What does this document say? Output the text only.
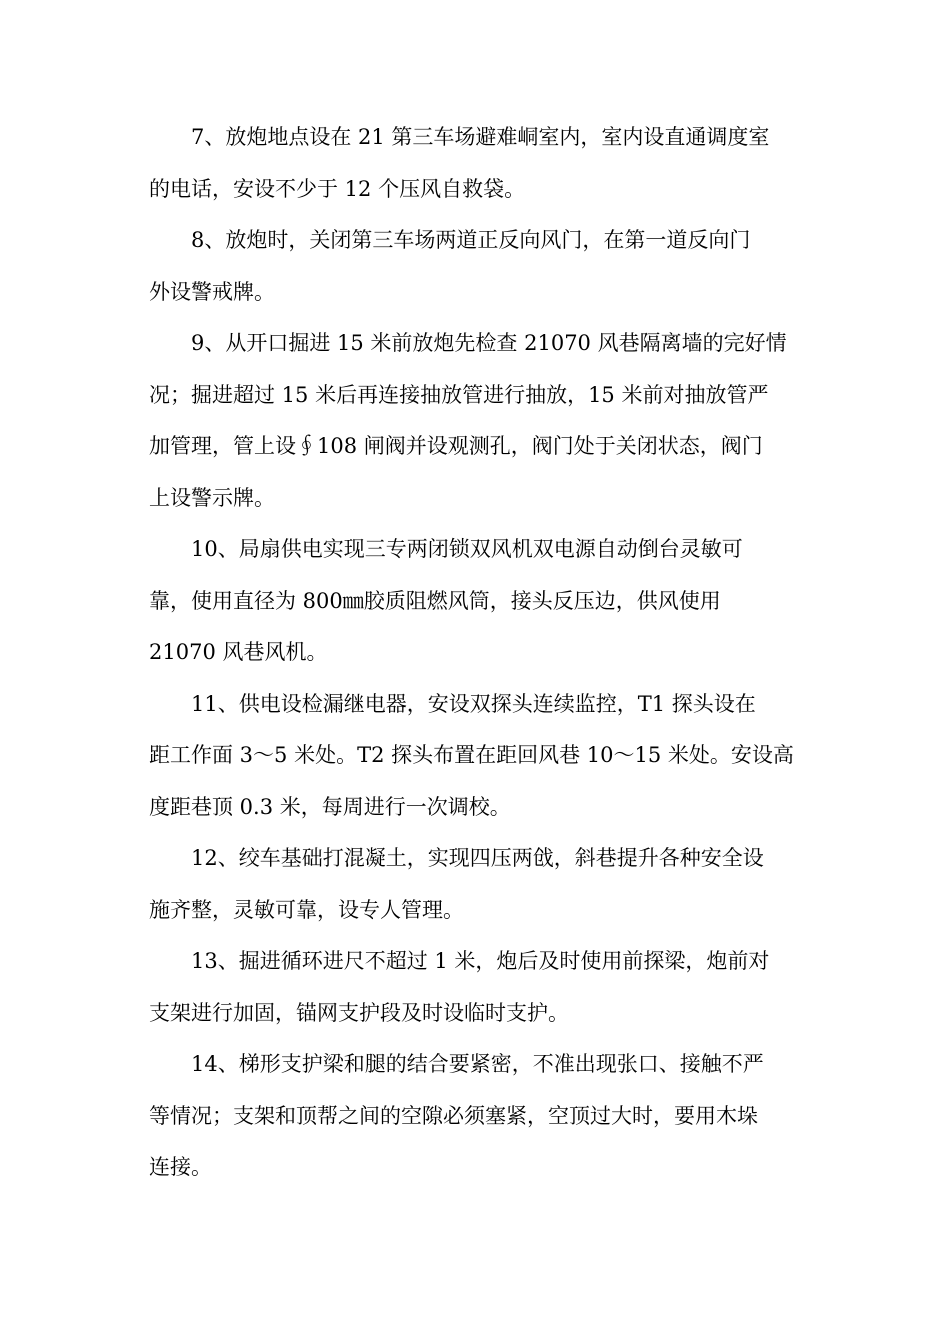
7、放炮地点设在 21 第三车场避难峒室内，室内设直通调度室
的电话，安设不少于 12 个压风自救袋。

8、放炮时，关闭第三车场两道正反向风门，在第一道反向门
外设警戒牌。

9、从开口掘进 15 米前放炮先检查 21070 风巷隔离墙的完好情
况；掘进超过 15 米后再连接抽放管进行抽放，15 米前对抽放管严
加管理，管上设∮108 闸阀并设观测孔，阀门处于关闭状态，阀门
上设警示牌。

10、局扇供电实现三专两闭锁双风机双电源自动倒台灵敏可
靠，使用直径为 800㎜胶质阻燃风筒，接头反压边，供风使用
21070 风巷风机。

11、供电设检漏继电器，安设双探头连续监控，T1 探头设在
距工作面 3～5 米处。T2 探头布置在距回风巷 10～15 米处。安设高
度距巷顶 0.3 米，每周进行一次调校。

12、绞车基础打混凝土，实现四压两戗，斜巷提升各种安全设
施齐整，灵敏可靠，设专人管理。

13、掘进循环进尺不超过 1 米，炮后及时使用前探梁，炮前对
支架进行加固，锚网支护段及时设临时支护。

14、梯形支护梁和腿的结合要紧密，不准出现张口、接触不严
等情况；支架和顶帮之间的空隙必须塞紧，空顶过大时，要用木垛
连接。
